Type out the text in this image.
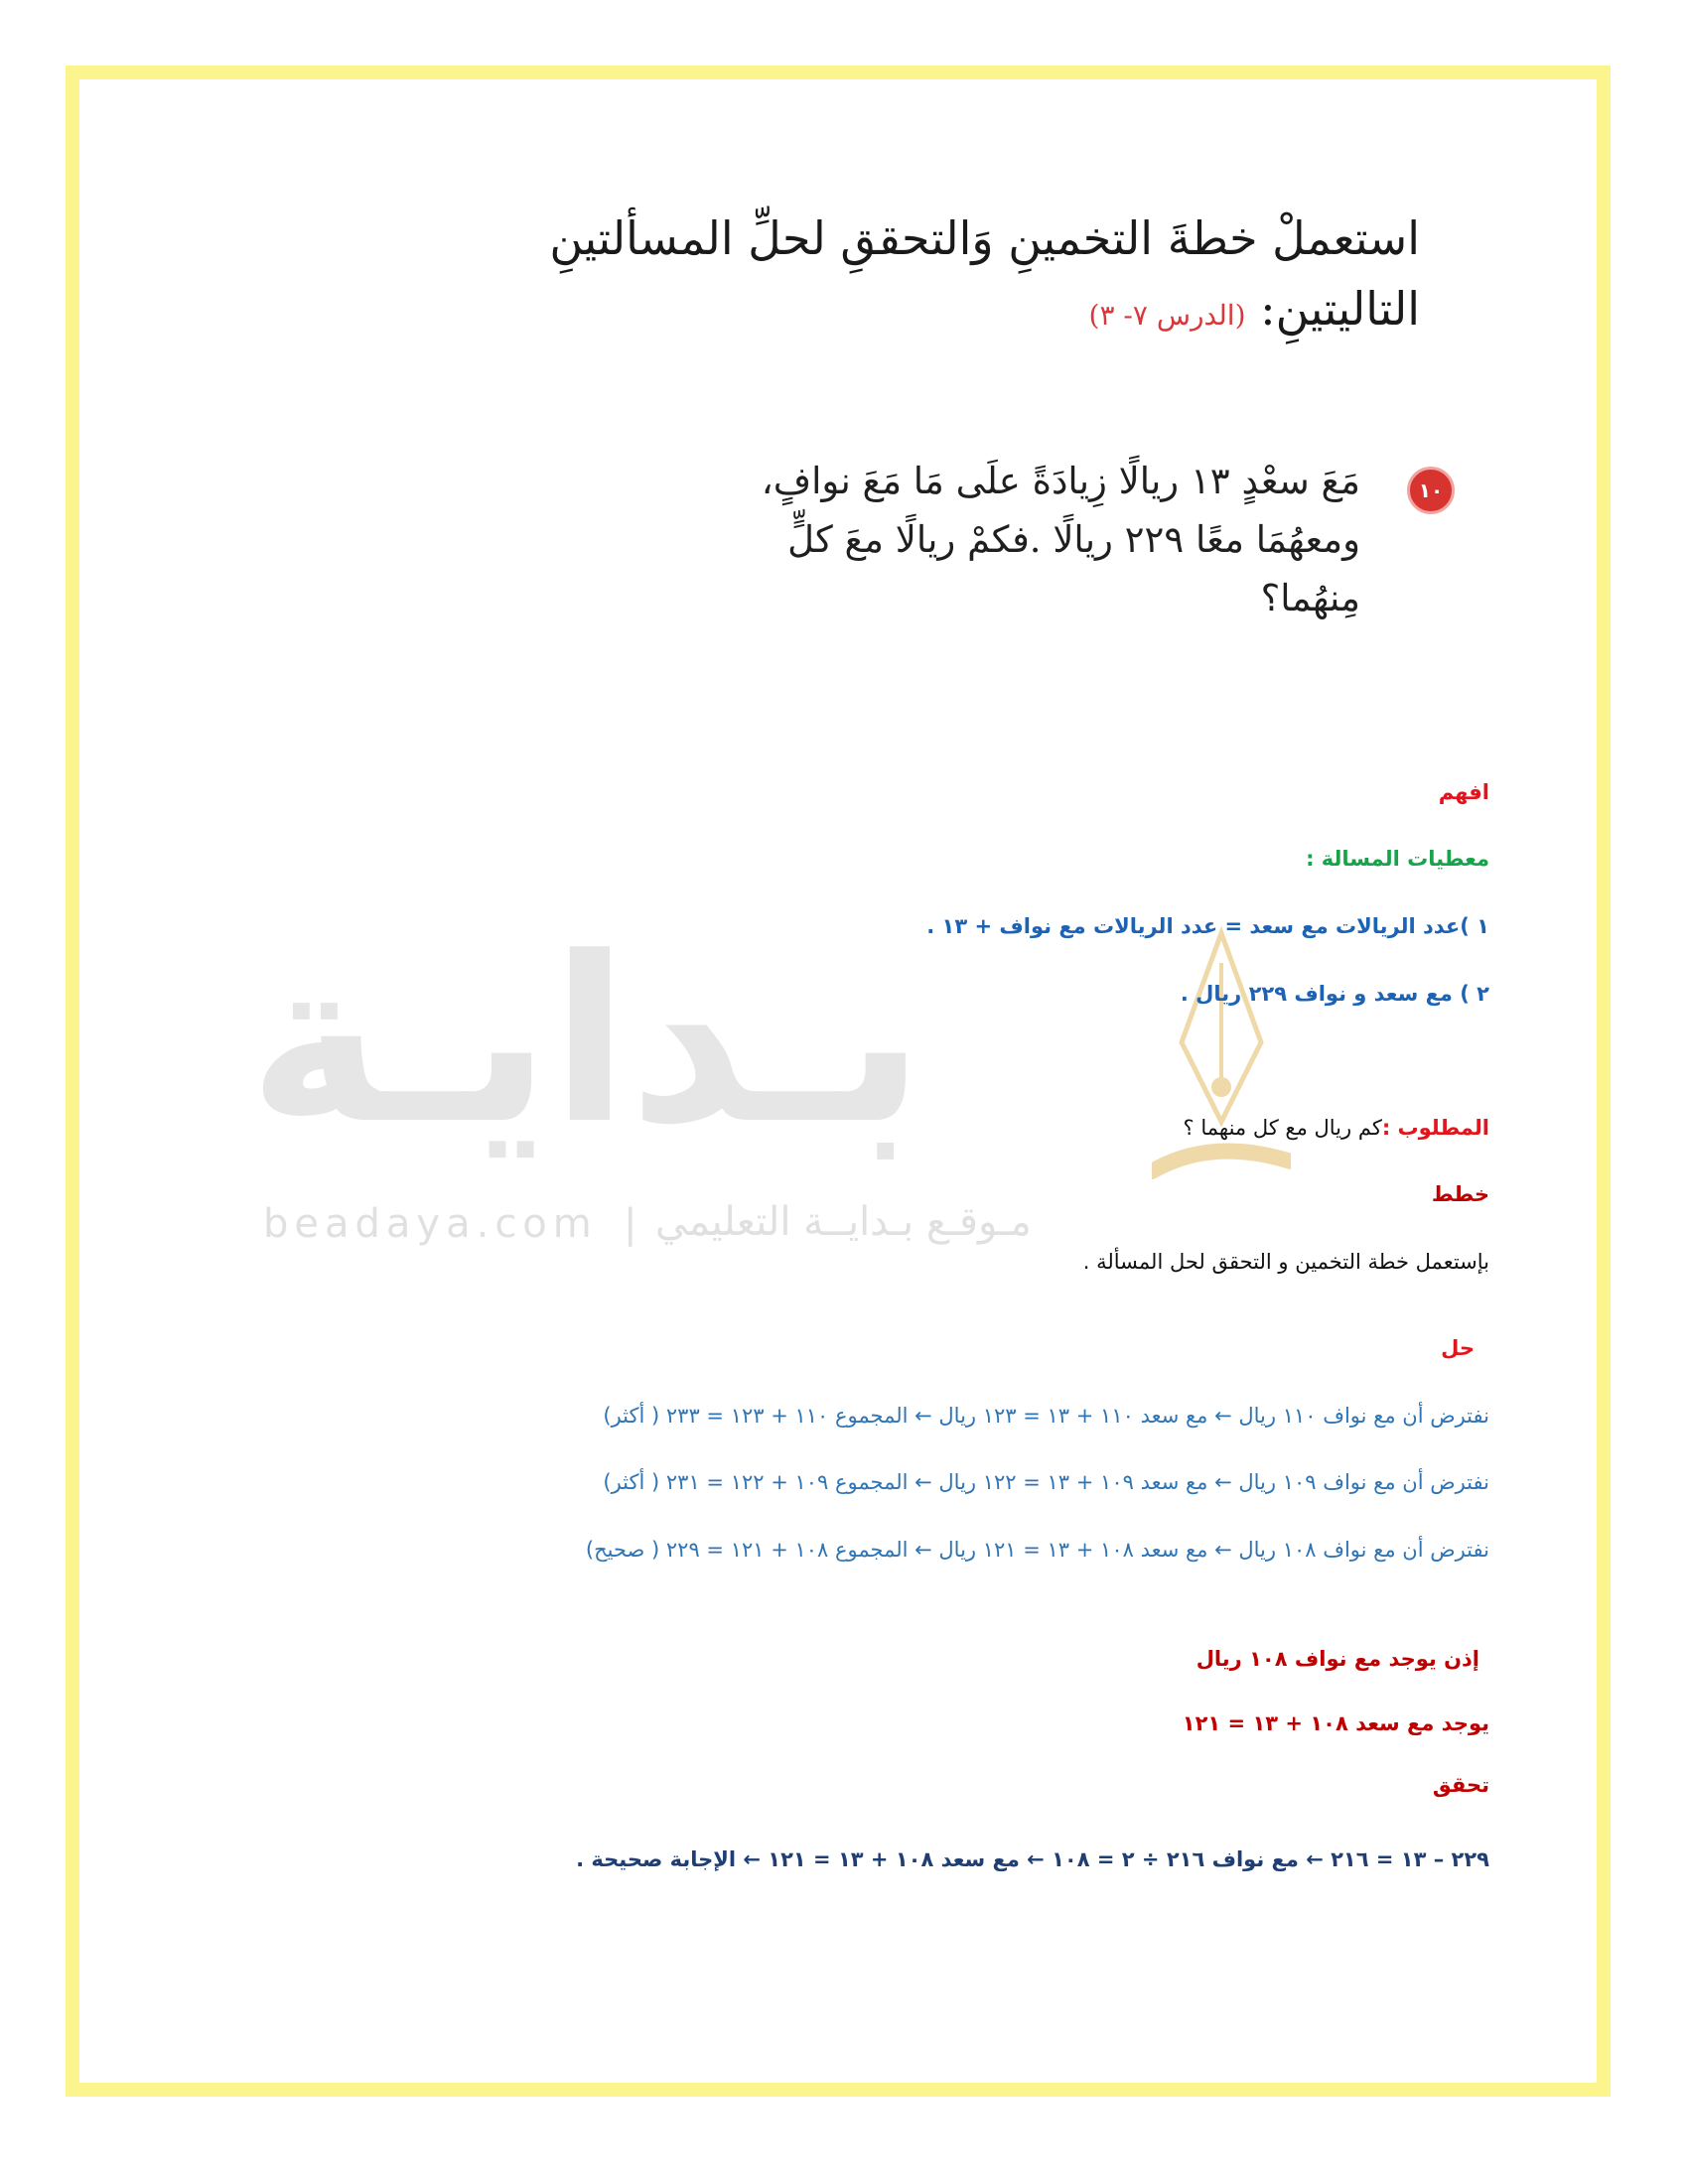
بـدايـة
beadaya.com | مـوقـع بـدايــة التعليمي
استعملْ خطةَ التخمينِ وَالتحققِ لحلِّ المسألتينِ
التاليتينِ: (الدرس ٧- ٣)
١٠
مَعَ سعْدٍ ١٣ ريالًا زِيادَةً علَى مَا مَعَ نوافٍ،
ومعهُمَا معًا ٢٢٩ ريالًا .فكمْ ريالًا معَ كلٍّ
مِنهُما؟
افهم
معطيات المسالة :
١ )عدد الريالات مع سعد = عدد الريالات مع نواف + ١٣ .
٢ ) مع سعد و نواف ٢٢٩ ريال .
المطلوب :كم ريال مع كل منهما ؟
خطط
بإستعمل خطة التخمين و التحقق لحل المسألة .
حل
نفترض أن مع نواف ١١٠ ريال ← مع سعد ١١٠ + ١٣ = ١٢٣ ريال ← المجموع ١١٠ + ١٢٣ = ٢٣٣ ( أكثر)
نفترض أن مع نواف ١٠٩ ريال ← مع سعد ١٠٩ + ١٣ = ١٢٢ ريال ← المجموع ١٠٩ + ١٢٢ = ٢٣١ ( أكثر)
نفترض أن مع نواف ١٠٨ ريال ← مع سعد ١٠٨ + ١٣ = ١٢١ ريال ← المجموع ١٠٨ + ١٢١ = ٢٢٩ ( صحيح)
إذن يوجد مع نواف ١٠٨ ريال
يوجد مع سعد ١٠٨ + ١٣ = ١٢١
تحقق
٢٢٩ – ١٣ = ٢١٦ ← مع نواف ٢١٦ ÷ ٢ = ١٠٨ ← مع سعد ١٠٨ + ١٣ = ١٢١ ← الإجابة صحيحة .
